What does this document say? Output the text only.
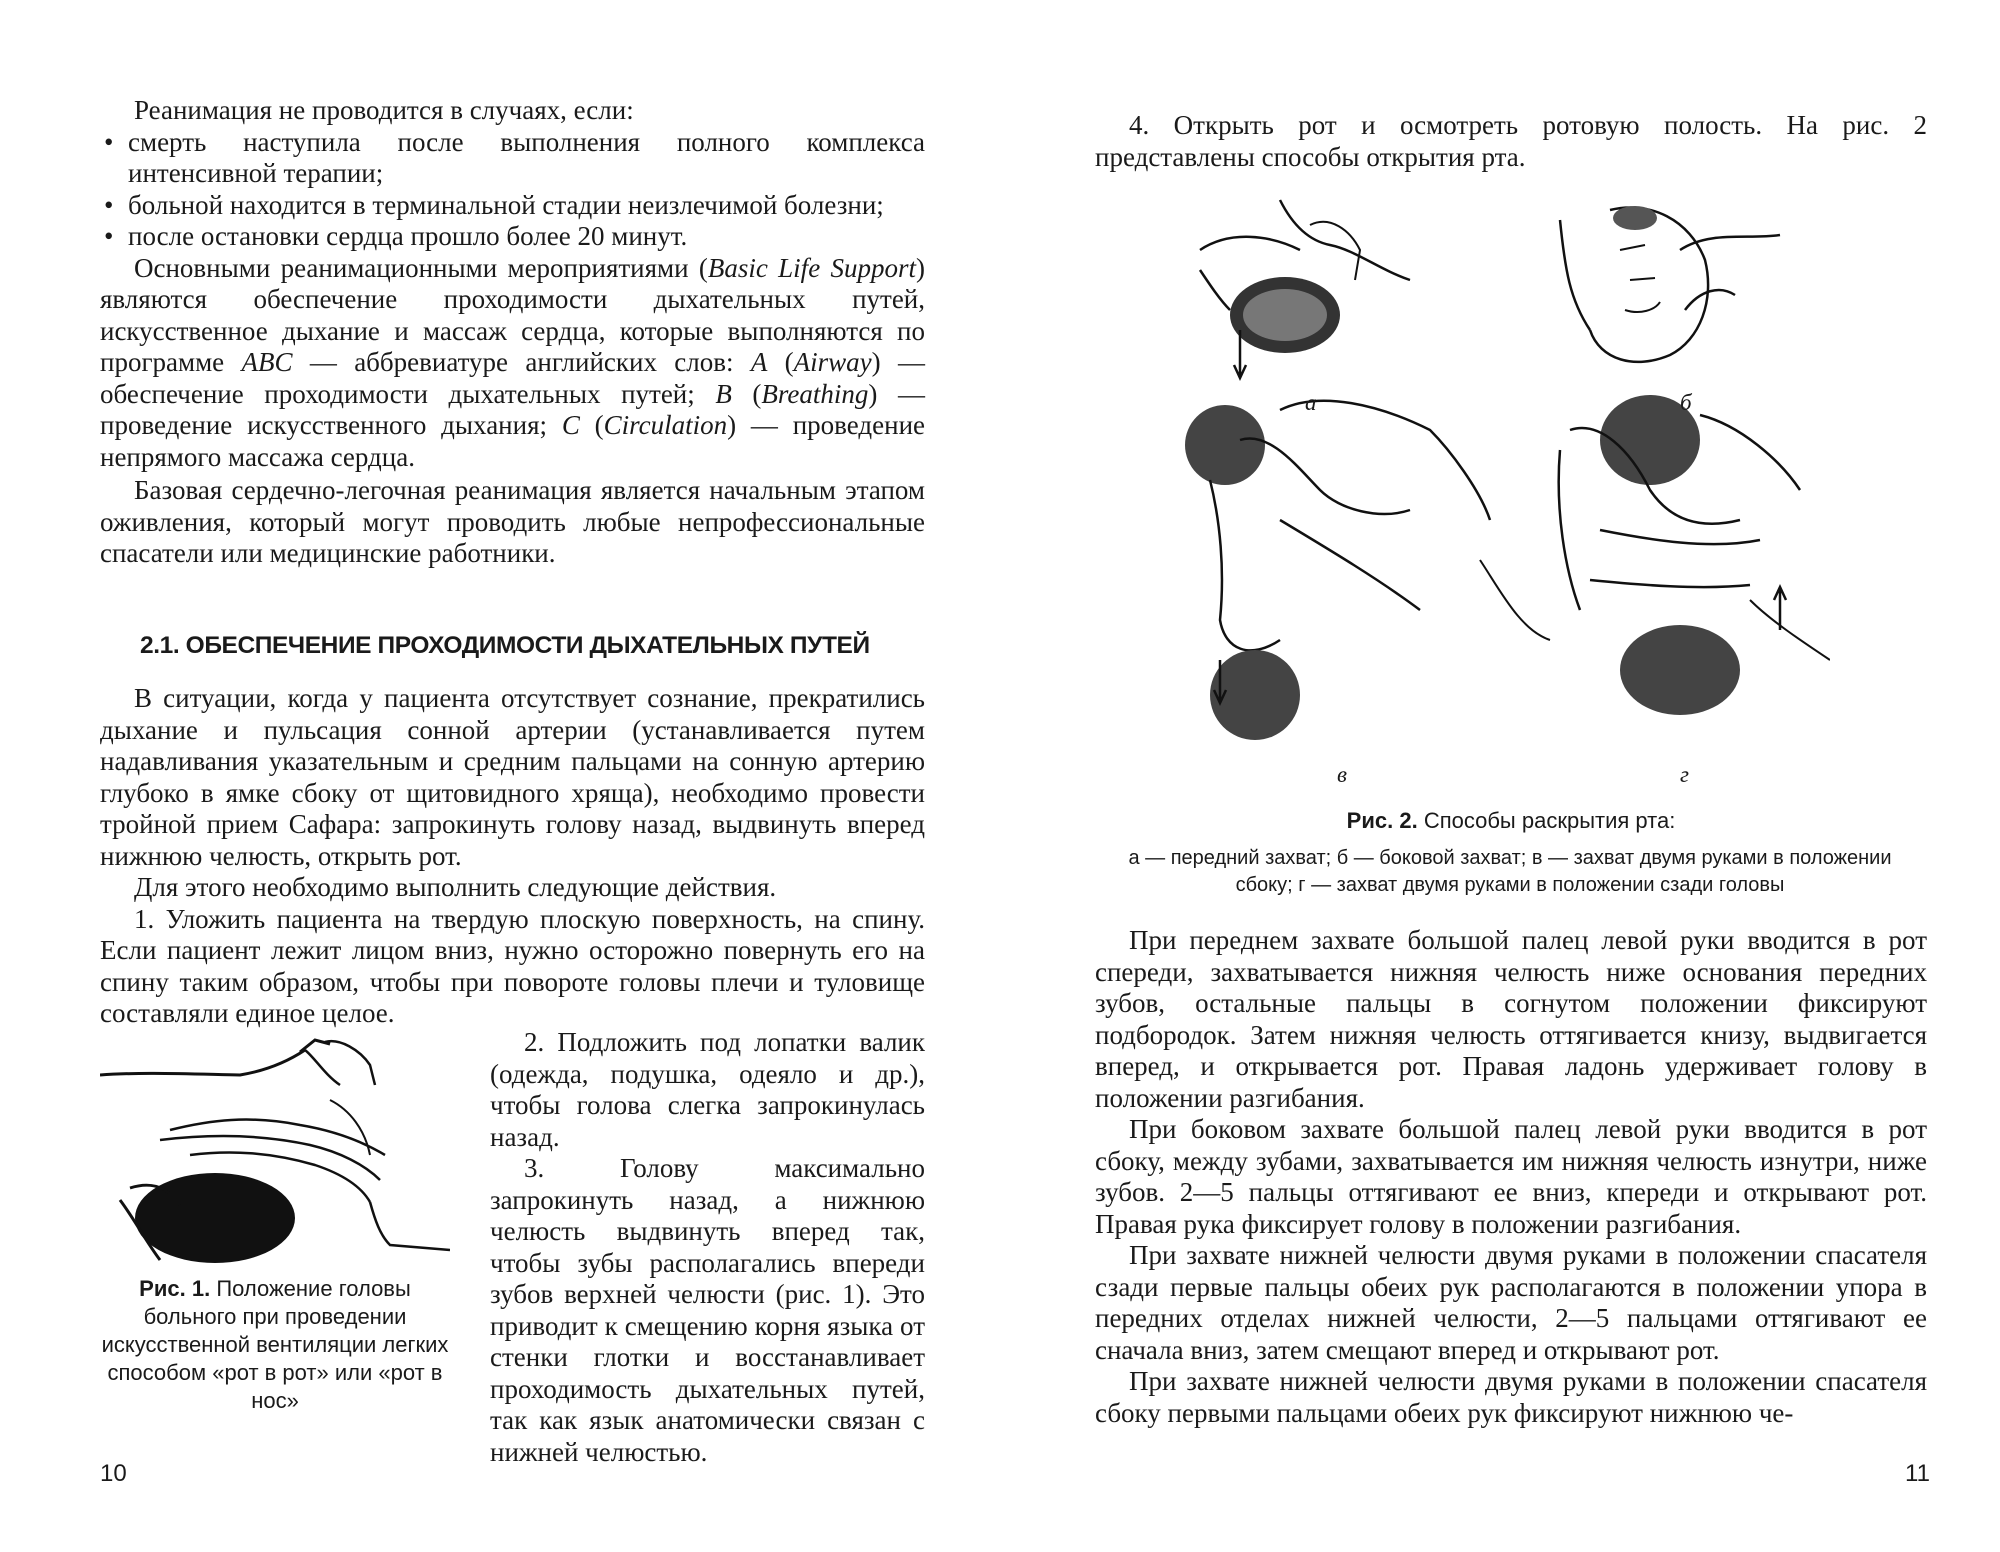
Реанимация не проводится в случаях, если:

• смерть наступила после выполнения полного комплекса интенсивной терапии;

• больной находится в терминальной стадии неизлечимой болезни;

• после остановки сердца прошло более 20 минут.

Основными реанимационными мероприятиями (Basic Life Support) являются обеспечение проходимости дыхательных путей, искусственное дыхание и массаж сердца, которые выполняются по программе ABC — аббревиатуре английских слов: A (Airway) — обеспечение проходимости дыхательных путей; B (Breathing) — проведение искусственного дыхания; C (Circulation) — проведение непрямого массажа сердца.

Базовая сердечно-легочная реанимация является начальным этапом оживления, который могут проводить любые непрофессиональные спасатели или медицинские работники.

2.1. ОБЕСПЕЧЕНИЕ ПРОХОДИМОСТИ ДЫХАТЕЛЬНЫХ ПУТЕЙ

В ситуации, когда у пациента отсутствует сознание, прекратились дыхание и пульсация сонной артерии (устанавливается путем надавливания указательным и средним пальцами на сонную артерию глубоко в ямке сбоку от щитовидного хряща), необходимо провести тройной прием Сафара: запрокинуть голову назад, выдвинуть вперед нижнюю челюсть, открыть рот.

Для этого необходимо выполнить следующие действия.

1. Уложить пациента на твердую плоскую поверхность, на спину. Если пациент лежит лицом вниз, нужно осторожно повернуть его на спину таким образом, чтобы при повороте головы плечи и туловище составляли единое целое.

Рис. 1. Положение головы больного при проведении искусственной вентиляции легких способом «рот в рот» или «рот в нос»

2. Подложить под лопатки валик (одежда, подушка, одеяло и др.), чтобы голова слегка запрокинулась назад.

3. Голову максимально запрокинуть назад, а нижнюю челюсть выдвинуть вперед так, чтобы зубы располагались впереди зубов верхней челюсти (рис. 1). Это приводит к смещению корня языка от стенки глотки и восстанавливает проходимость дыхательных путей, так как язык анатомически связан с нижней челюстью.

10

4. Открыть рот и осмотреть ротовую полость. На рис. 2 представлены способы открытия рта.

а	б
в	г
Рис. 2. Способы раскрытия рта:
а — передний захват; б — боковой захват; в — захват двумя руками в положении сбоку; г — захват двумя руками в положении сзади головы

При переднем захвате большой палец левой руки вводится в рот спереди, захватывается нижняя челюсть ниже основания передних зубов, остальные пальцы в согнутом положении фиксируют подбородок. Затем нижняя челюсть оттягивается книзу, выдвигается вперед, и открывается рот. Правая ладонь удерживает голову в положении разгибания.

При боковом захвате большой палец левой руки вводится в рот сбоку, между зубами, захватывается им нижняя челюсть изнутри, ниже зубов. 2—5 пальцы оттягивают ее вниз, кпереди и открывают рот. Правая рука фиксирует голову в положении разгибания.

При захвате нижней челюсти двумя руками в положении спасателя сзади первые пальцы обеих рук располагаются в положении упора в передних отделах нижней челюсти, 2—5 пальцами оттягивают ее сначала вниз, затем смещают вперед и открывают рот.

При захвате нижней челюсти двумя руками в положении спасателя сбоку первыми пальцами обеих рук фиксируют нижнюю че-

11
